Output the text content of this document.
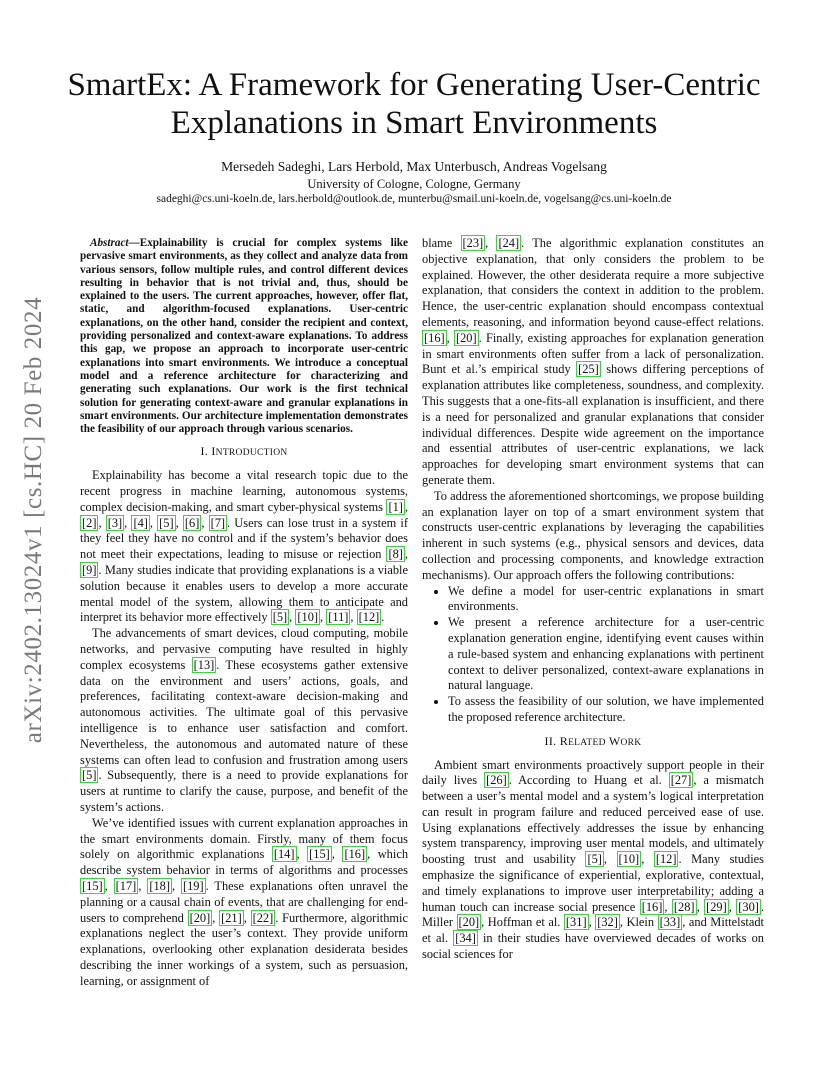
arXiv:2402.13024v1 [cs.HC] 20 Feb 2024
SmartEx: A Framework for Generating User-Centric
Explanations in Smart Environments
Mersedeh Sadeghi, Lars Herbold, Max Unterbusch, Andreas Vogelsang
University of Cologne, Cologne, Germany
sadeghi@cs.uni-koeln.de, lars.herbold@outlook.de, munterbu@smail.uni-koeln.de, vogelsang@cs.uni-koeln.de

Abstract—Explainability is crucial for complex systems like pervasive smart environments, as they collect and analyze data from various sensors, follow multiple rules, and control different devices resulting in behavior that is not trivial and, thus, should be explained to the users. The current approaches, however, offer flat, static, and algorithm-focused explanations. User-centric explanations, on the other hand, consider the recipient and context, providing personalized and context-aware explanations. To address this gap, we propose an approach to incorporate user-centric explanations into smart environments. We introduce a conceptual model and a reference architecture for characterizing and generating such explanations. Our work is the first technical solution for generating context-aware and granular explanations in smart environments. Our architecture implementation demonstrates the feasibility of our approach through various scenarios.

I. INTRODUCTION

Explainability has become a vital research topic due to the recent progress in machine learning, autonomous systems, complex decision-making, and smart cyber-physical systems [1] , [2] , [3] , [4] , [5] , [6] , [7] . Users can lose trust in a system if they feel they have no control and if the system’s behavior does not meet their expectations, leading to misuse or rejection [8] , [9] . Many studies indicate that providing explanations is a viable solution because it enables users to develop a more accurate mental model of the system, allowing them to anticipate and interpret its behavior more effectively [5] , [10] , [11] , [12] .

The advancements of smart devices, cloud computing, mobile networks, and pervasive computing have resulted in highly complex ecosystems [13] . These ecosystems gather extensive data on the environment and users’ actions, goals, and preferences, facilitating context-aware decision-making and autonomous activities. The ultimate goal of this pervasive intelligence is to enhance user satisfaction and comfort. Nevertheless, the autonomous and automated nature of these systems can often lead to confusion and frustration among users [5] . Subsequently, there is a need to provide explanations for users at runtime to clarify the cause, purpose, and benefit of the system’s actions.

We’ve identified issues with current explanation approaches in the smart environments domain. Firstly, many of them focus solely on algorithmic explanations [14] , [15] , [16] , which describe system behavior in terms of algorithms and processes [15] , [17] , [18] , [19] . These explanations often unravel the planning or a causal chain of events, that are challenging for end-users to comprehend [20] , [21] , [22] . Furthermore, algorithmic explanations neglect the user’s context. They provide uniform explanations, overlooking other explanation desiderata besides describing the inner workings of a system, such as persuasion, learning, or assignment of

blame [23] , [24] . The algorithmic explanation constitutes an objective explanation, that only considers the problem to be explained. However, the other desiderata require a more subjective explanation, that considers the context in addition to the problem. Hence, the user-centric explanation should encompass contextual elements, reasoning, and information beyond cause-effect relations. [16] , [20] . Finally, existing approaches for explanation generation in smart environments often suffer from a lack of personalization. Bunt et al.’s empirical study [25] shows differing perceptions of explanation attributes like completeness, soundness, and complexity. This suggests that a one-fits-all explanation is insufficient, and there is a need for personalized and granular explanations that consider individual differences. Despite wide agreement on the importance and essential attributes of user-centric explanations, we lack approaches for developing smart environment systems that can generate them.

To address the aforementioned shortcomings, we propose building an explanation layer on top of a smart environment system that constructs user-centric explanations by leveraging the capabilities inherent in such systems (e.g., physical sensors and devices, data collection and processing components, and knowledge extraction mechanisms). Our approach offers the following contributions:

• We define a model for user-centric explanations in smart environments.
• We present a reference architecture for a user-centric explanation generation engine, identifying event causes within a rule-based system and enhancing explanations with pertinent context to deliver personalized, context-aware explanations in natural language.
• To assess the feasibility of our solution, we have implemented the proposed reference architecture.
II. RELATED WORK

Ambient smart environments proactively support people in their daily lives [26] . According to Huang et al. [27] , a mismatch between a user’s mental model and a system’s logical interpretation can result in program failure and reduced perceived ease of use. Using explanations effectively addresses the issue by enhancing system transparency, improving user mental models, and ultimately boosting trust and usability [5] , [10] , [12] . Many studies emphasize the significance of experiential, explorative, contextual, and timely explanations to improve user interpretability; adding a human touch can increase social presence [16] , [28] , [29] , [30] . Miller [20] , Hoffman et al. [31] , [32] , Klein [33] , and Mittelstadt et al. [34] in their studies have overviewed decades of works on social sciences for
